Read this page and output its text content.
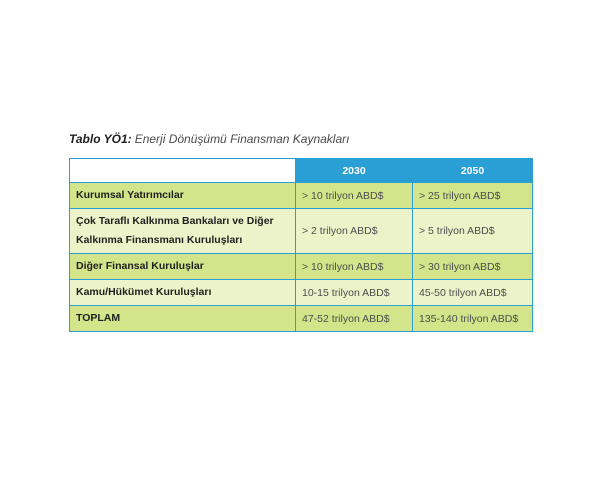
Tablo YÖ1: Enerji Dönüşümü Finansman Kaynakları
	2030	2050
Kurumsal Yatırımcılar	> 10 trilyon ABD$	> 25 trilyon ABD$
Çok Taraflı Kalkınma Bankaları ve Diğer Kalkınma Finansmanı Kuruluşları	> 2 trilyon ABD$	> 5 trilyon ABD$
Diğer Finansal Kuruluşlar	> 10 trilyon ABD$	> 30 trilyon ABD$
Kamu/Hükümet Kuruluşları	10-15 trilyon ABD$	45-50 trilyon ABD$
TOPLAM	47-52 trilyon ABD$	135-140 trilyon ABD$
